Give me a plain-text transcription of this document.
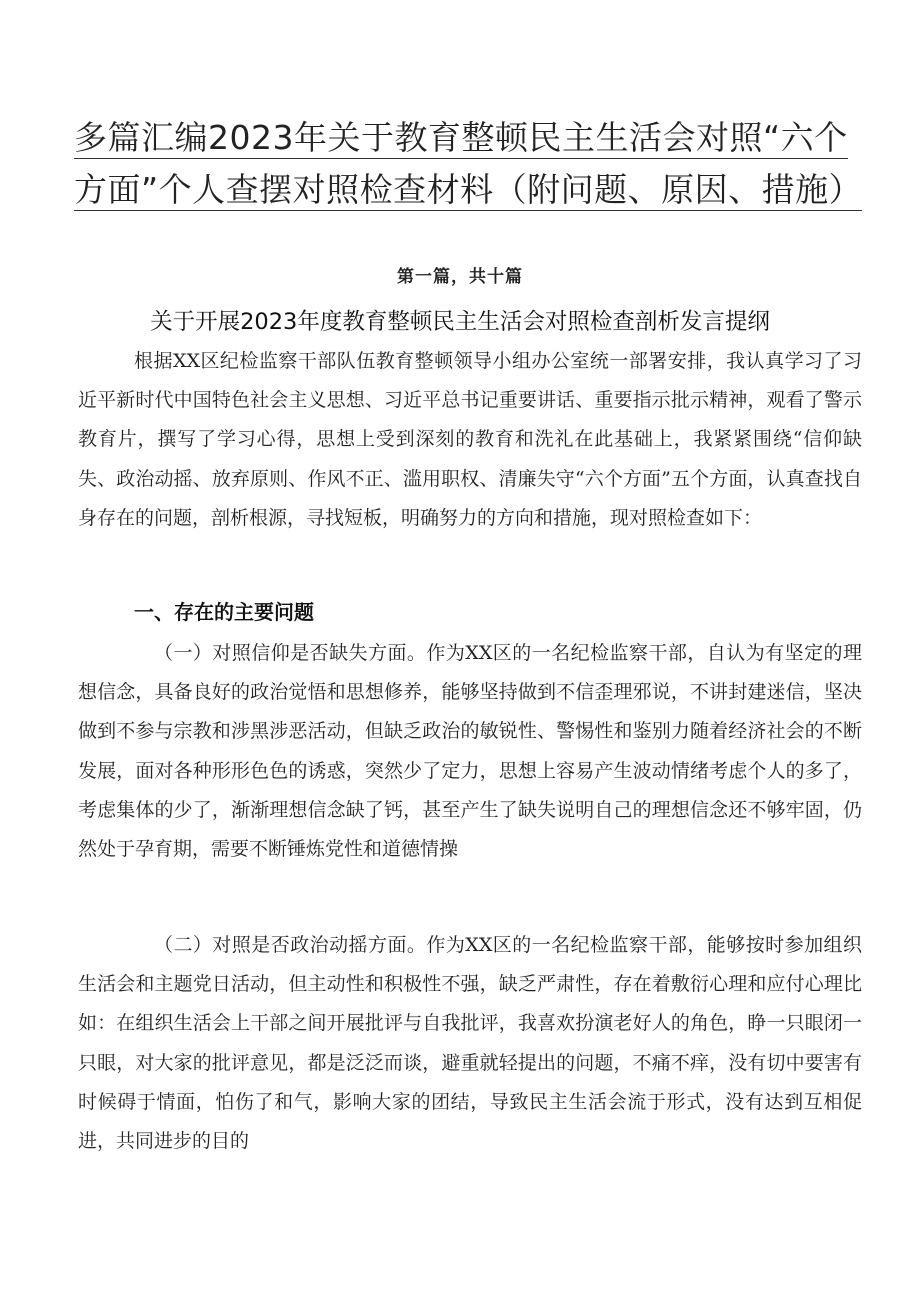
多篇汇编2023年关于教育整顿民主生活会对照“六个
方面”个人查摆对照检查材料（附问题、原因、措施）
第一篇，共十篇
关于开展2023年度教育整顿民主生活会对照检查剖析发言提纲

根据XX区纪检监察干部队伍教育整顿领导小组办公室统一部署安排，我认真学习了习近平新时代中国特色社会主义思想、习近平总书记重要讲话、重要指示批示精神，观看了警示教育片，撰写了学习心得，思想上受到深刻的教育和洗礼在此基础上，我紧紧围绕“信仰缺失、政治动摇、放弃原则、作风不正、滥用职权、清廉失守“六个方面”五个方面，认真查找自身存在的问题，剖析根源，寻找短板，明确努力的方向和措施，现对照检查如下：

一、存在的主要问题

（一）对照信仰是否缺失方面。作为XX区的一名纪检监察干部，自认为有坚定的理想信念，具备良好的政治觉悟和思想修养，能够坚持做到不信歪理邪说，不讲封建迷信，坚决做到不参与宗教和涉黑涉恶活动，但缺乏政治的敏锐性、警惕性和鉴别力随着经济社会的不断发展，面对各种形形色色的诱惑，突然少了定力，思想上容易产生波动情绪考虑个人的多了，考虑集体的少了，渐渐理想信念缺了钙，甚至产生了缺失说明自己的理想信念还不够牢固，仍然处于孕育期，需要不断锤炼党性和道德情操

（二）对照是否政治动摇方面。作为XX区的一名纪检监察干部，能够按时参加组织生活会和主题党日活动，但主动性和积极性不强，缺乏严肃性，存在着敷衍心理和应付心理比如：在组织生活会上干部之间开展批评与自我批评，我喜欢扮演老好人的角色，睁一只眼闭一只眼，对大家的批评意见，都是泛泛而谈，避重就轻提出的问题，不痛不痒，没有切中要害有时候碍于情面，怕伤了和气，影响大家的团结，导致民主生活会流于形式，没有达到互相促进，共同进步的目的
